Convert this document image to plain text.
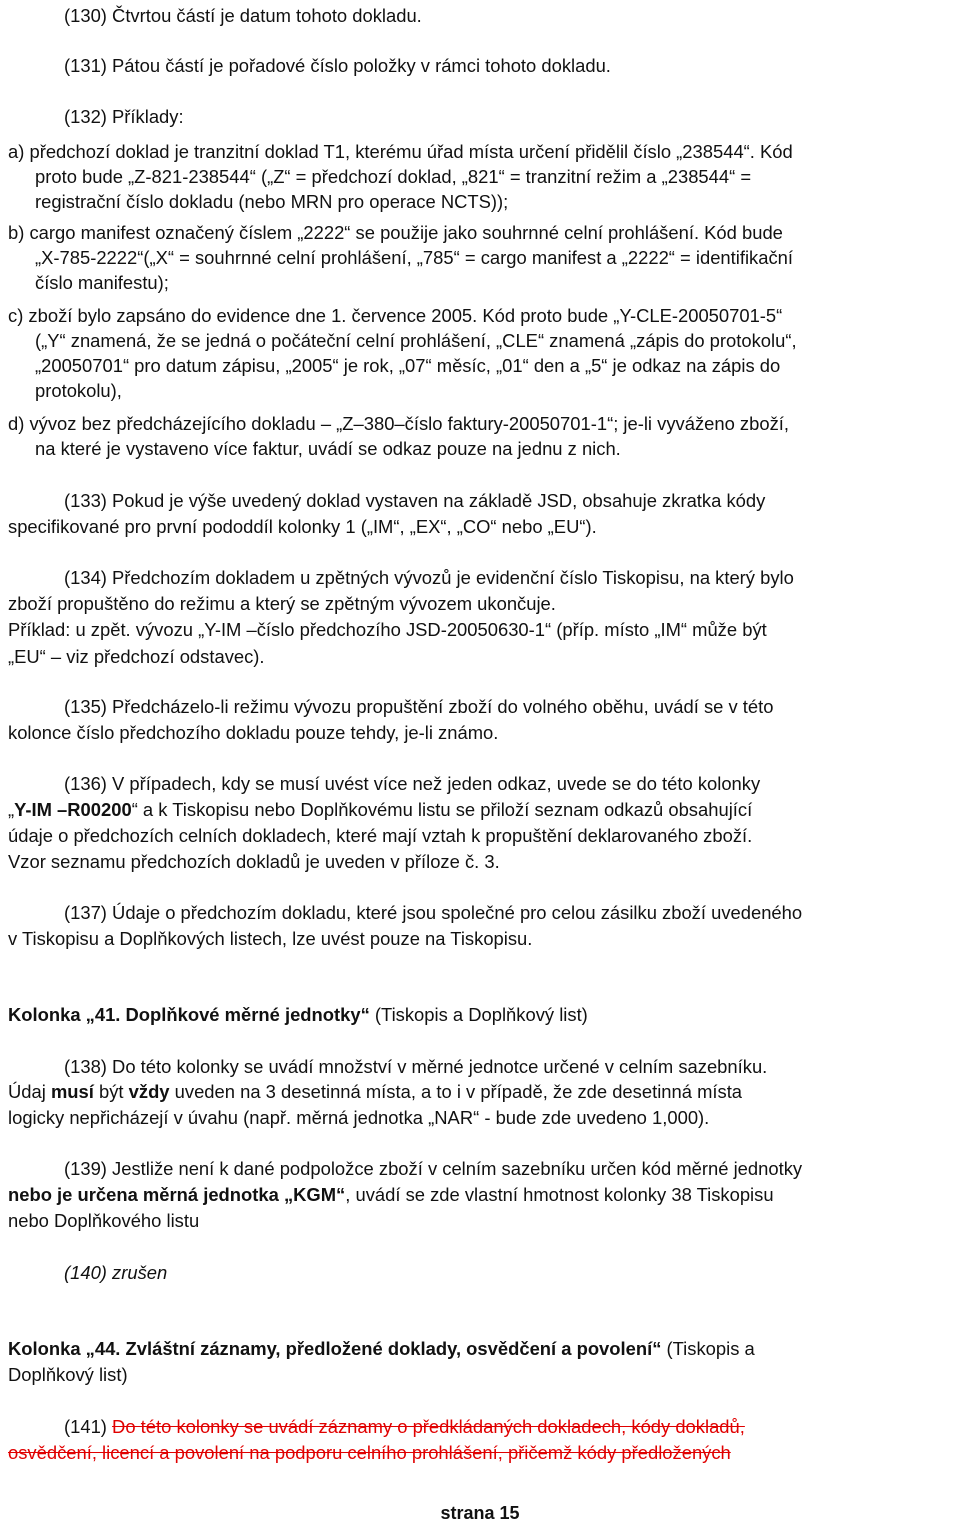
(130) Čtvrtou částí je datum tohoto dokladu.
(131) Pátou částí je pořadové číslo položky v rámci tohoto dokladu.
(132) Příklady:
a) předchozí doklad je tranzitní doklad T1, kterému úřad místa určení přidělil číslo „238544“. Kód
proto bude „Z-821-238544“ („Z“ = předchozí doklad, „821“ = tranzitní režim a „238544“ =
registrační číslo dokladu (nebo MRN pro operace NCTS));
b) cargo manifest označený číslem „2222“ se použije jako souhrnné celní prohlášení. Kód bude
„X-785-2222“(„X“ = souhrnné celní prohlášení, „785“ = cargo manifest a „2222“ = identifikační
číslo manifestu);
c) zboží bylo zapsáno do evidence dne 1. července 2005. Kód proto bude „Y-CLE-20050701-5“
(„Y“ znamená, že se jedná o počáteční celní prohlášení, „CLE“ znamená „zápis do protokolu“,
„20050701“ pro datum zápisu, „2005“ je rok, „07“ měsíc, „01“ den a „5“ je odkaz na zápis do
protokolu),
d) vývoz bez předcházejícího dokladu – „Z–380–číslo faktury-20050701-1“; je-li vyváženo zboží,
na které je vystaveno více faktur, uvádí se odkaz pouze na jednu z nich.
(133) Pokud je výše uvedený doklad vystaven na základě JSD, obsahuje zkratka kódy
specifikované pro první pododdíl kolonky 1 („IM“, „EX“, „CO“ nebo „EU“).
(134) Předchozím dokladem u zpětných vývozů je evidenční číslo Tiskopisu, na který bylo
zboží propuštěno do režimu a který se zpětným vývozem ukončuje.
Příklad: u zpět. vývozu „Y-IM –číslo předchozího JSD-20050630-1“ (příp. místo „IM“ může být
„EU“ – viz předchozí odstavec).
(135) Předcházelo-li režimu vývozu propuštění zboží do volného oběhu, uvádí se v této
kolonce číslo předchozího dokladu pouze tehdy, je-li známo.
(136) V případech, kdy se musí uvést více než jeden odkaz, uvede se do této kolonky
„Y-IM –R00200“ a k Tiskopisu nebo Doplňkovému listu se přiloží seznam odkazů obsahující
údaje o předchozích celních dokladech, které mají vztah k propuštění deklarovaného zboží.
Vzor seznamu předchozích dokladů je uveden v příloze č. 3.
(137) Údaje o předchozím dokladu, které jsou společné pro celou zásilku zboží uvedeného
v Tiskopisu a Doplňkových listech, lze uvést pouze na Tiskopisu.
Kolonka „41. Doplňkové měrné jednotky“ (Tiskopis a Doplňkový list)
(138) Do této kolonky se uvádí množství v měrné jednotce určené v celním sazebníku.
Údaj musí být vždy uveden na 3 desetinná místa, a to i v případě, že zde desetinná místa
logicky nepřicházejí v úvahu (např. měrná jednotka „NAR“ - bude zde uvedeno 1,000).
(139) Jestliže není k dané podpoložce zboží v celním sazebníku určen kód měrné jednotky
nebo je určena měrná jednotka „KGM“, uvádí se zde vlastní hmotnost kolonky 38 Tiskopisu
nebo Doplňkového listu
(140) zrušen
Kolonka „44. Zvláštní záznamy, předložené doklady, osvědčení a povolení“ (Tiskopis a
Doplňkový list)
(141) Do této kolonky se uvádí záznamy o předkládaných dokladech, kódy dokladů,
osvědčení, licencí a povolení na podporu celního prohlášení, přičemž kódy předložených
strana 15
